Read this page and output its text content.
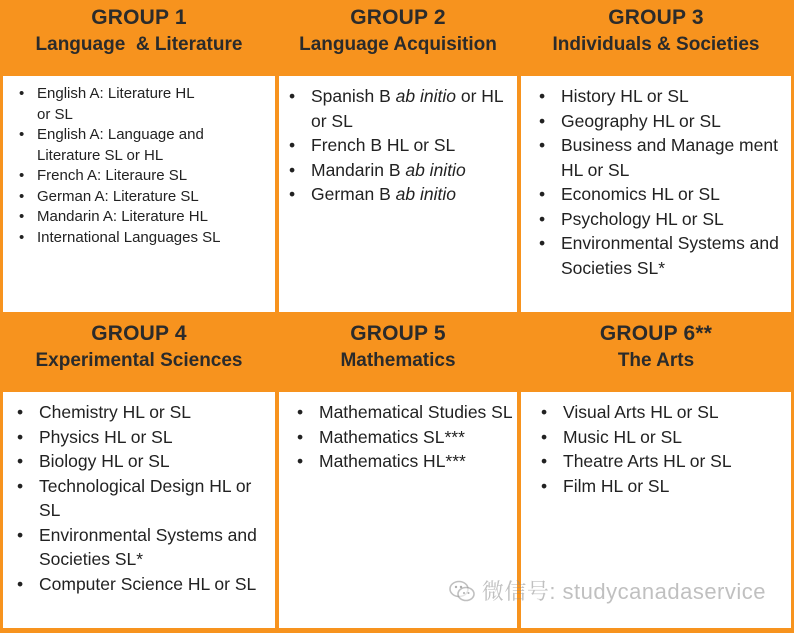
GROUP 1
Language  & Literature
• English A: Literature HL or SL
• English A: Language and Literature SL or HL
• French A: Literaure SL
• German A: Literature SL
• Mandarin A: Literature HL
• International Languages SL
GROUP 2
Language Acquisition
• Spanish B ab initio or HL or SL
• French B HL or SL
• Mandarin B ab initio
• German B ab initio
GROUP 3
Individuals & Societies
• History HL or SL
• Geography HL or SL
• Business and Manage ment HL or SL
• Economics HL or SL
• Psychology HL or SL
• Environmental Systems and Societies SL*
GROUP 4
Experimental Sciences
• Chemistry HL or SL
• Physics HL or SL
• Biology HL or SL
• Technological Design HL or SL
• Environmental Systems and Societies SL*
• Computer Science HL or SL
GROUP 5
Mathematics
• Mathematical Studies SL
• Mathematics SL***
• Mathematics HL***
GROUP 6**
The Arts
• Visual Arts HL or SL
• Music HL or SL
• Theatre Arts HL or SL
• Film HL or SL
微信号: studycanadaservice
